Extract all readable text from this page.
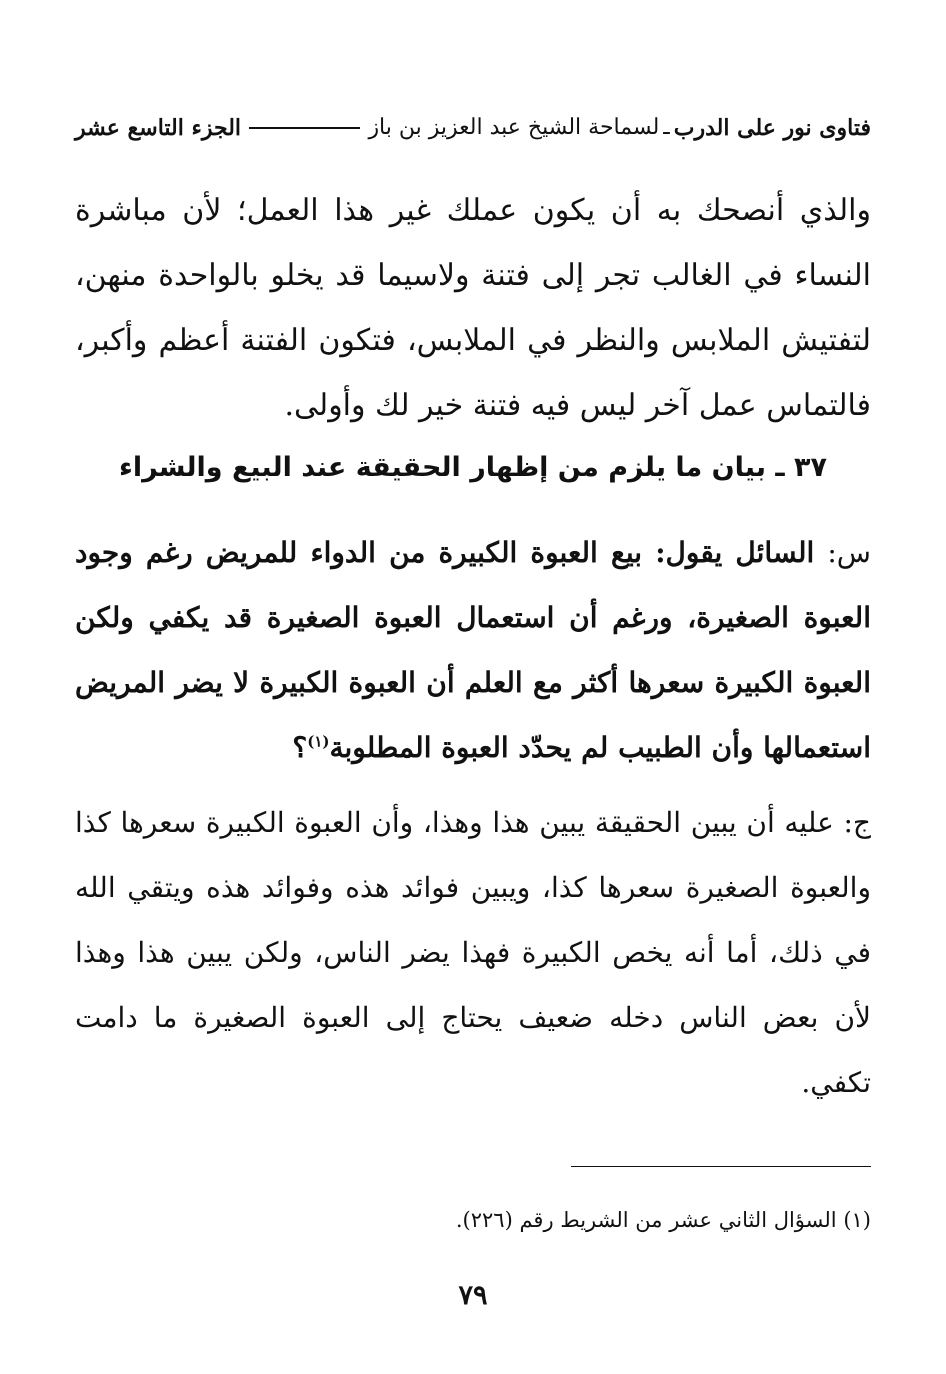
فتاوى نور على الدرب
ـ
لسماحة الشيخ عبد العزيز بن باز
الجزء التاسع عشر

والذي أنصحك به أن يكون عملك غير هذا العمل؛ لأن مباشرة النساء في الغالب تجر إلى فتنة ولاسيما قد يخلو بالواحدة منهن، لتفتيش الملابس والنظر في الملابس، فتكون الفتنة أعظم وأكبر، فالتماس عمل آخر ليس فيه فتنة خير لك وأولى.

٣٧ ـ بيان ما يلزم من إظهار الحقيقة عند البيع والشراء

س: السائل يقول: بيع العبوة الكبيرة من الدواء للمريض رغم وجود العبوة الصغيرة، ورغم أن استعمال العبوة الصغيرة قد يكفي ولكن العبوة الكبيرة سعرها أكثر مع العلم أن العبوة الكبيرة لا يضر المريض استعمالها وأن الطبيب لم يحدّد العبوة المطلوبة$^{(١)}$؟

ج: عليه أن يبين الحقيقة يبين هذا وهذا، وأن العبوة الكبيرة سعرها كذا والعبوة الصغيرة سعرها كذا، ويبين فوائد هذه وفوائد هذه ويتقي الله في ذلك، أما أنه يخص الكبيرة فهذا يضر الناس، ولكن يبين هذا وهذا لأن بعض الناس دخله ضعيف يحتاج إلى العبوة الصغيرة ما دامت تكفي.

(١) السؤال الثاني عشر من الشريط رقم (٢٢٦).
٧٩
